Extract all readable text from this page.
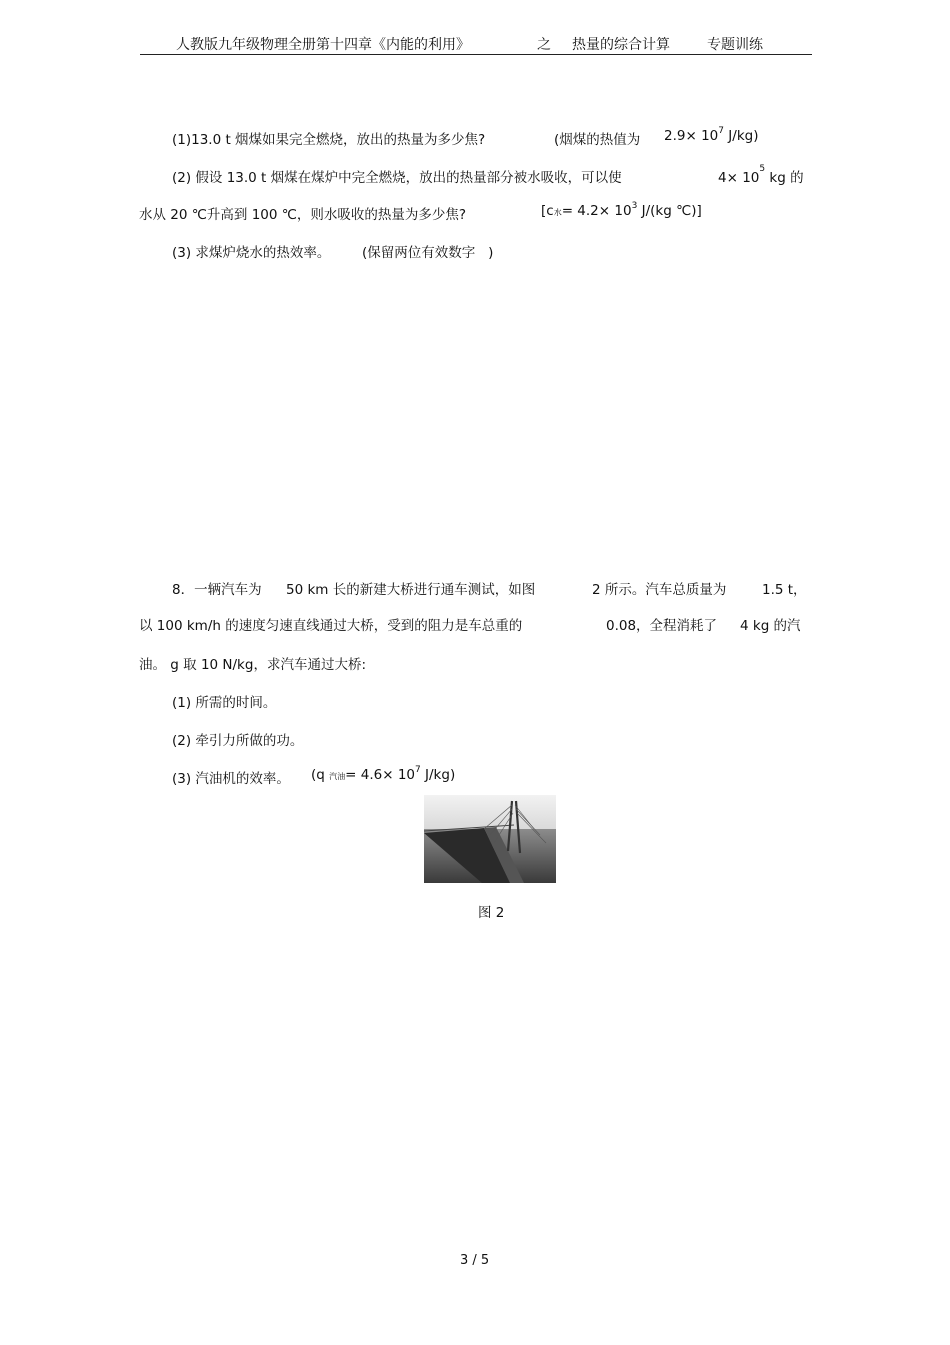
人教版九年级物理全册第十四章《内能的利用》	之 热量的综合计算	专题训练
(1)13.0 t 烟煤如果完全燃烧，放出的热量为多少焦?	(烟煤的热值为 $2.9\times 10^7$ J/kg)
(2) 假设 13.0 t 烟煤在煤炉中完全燃烧，放出的热量部分被水吸收，可以使	$4\times 10^5$ kg 的
水从 20 ℃升高到 100 ℃，则水吸收的热量为多少焦?	[c水= $4.2\times 10^3$ J/(kg ℃)]
(3) 求煤炉烧水的热效率。 (保留两位有效数字 )
8．一辆汽车为 50 km 长的新建大桥进行通车测试，如图	2 所示。汽车总质量为	1.5 t，
以 100 km/h 的速度匀速直线通过大桥，受到的阻力是车总重的	0.08，全程消耗了 4 kg 的汽
油。 g 取 10 N/kg，求汽车通过大桥:
(1) 所需的时间。
(2) 牵引力所做的功。
(3) 汽油机的效率。 (q 汽油= $4.6\times 10^7$ J/kg)
图 2
3 / 5
